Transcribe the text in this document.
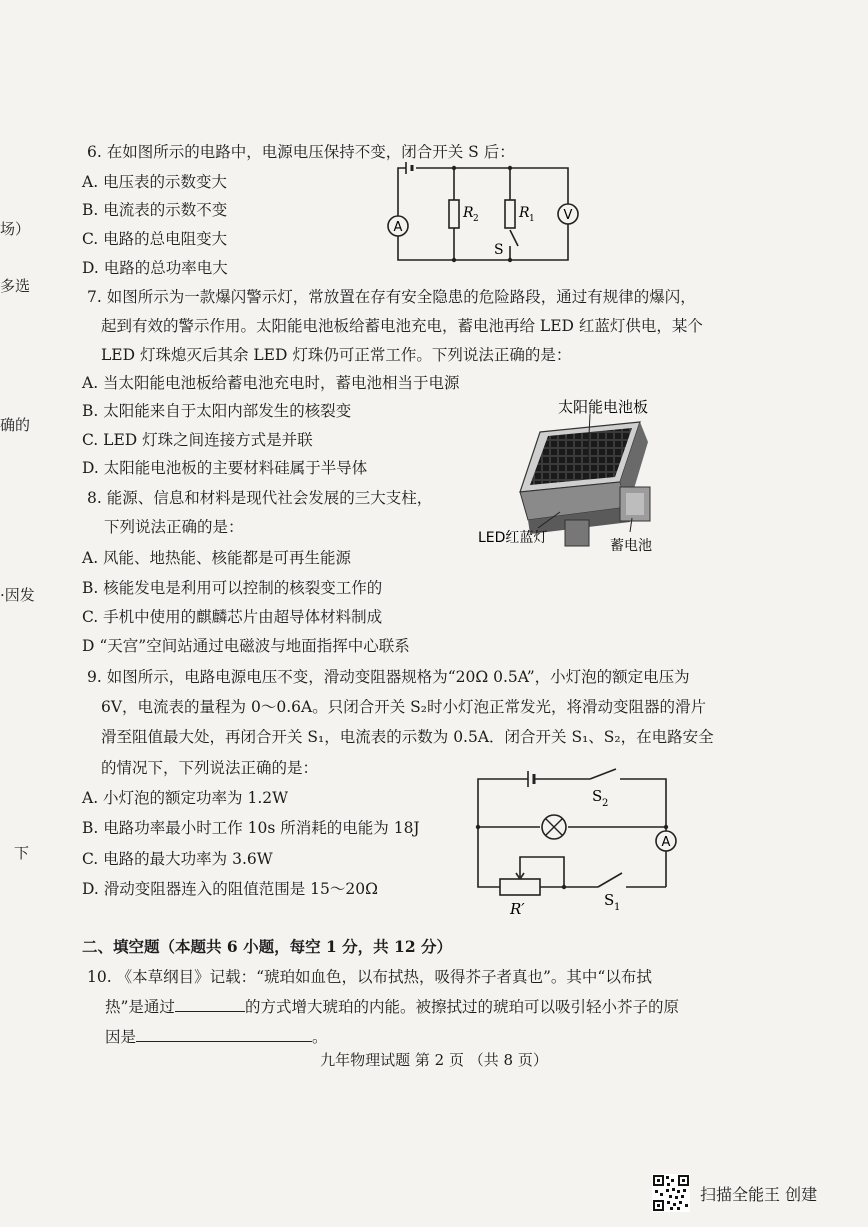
场）
多选
确的
·因发
下
6. 在如图所示的电路中，电源电压保持不变，闭合开关 S 后：
A. 电压表的示数变大
B. 电流表的示数不变
C. 电路的总电阻变大
D. 电路的总功率电大
A
V
R 2	R 1
S
7. 如图所示为一款爆闪警示灯，常放置在存有安全隐患的危险路段，通过有规律的爆闪，
起到有效的警示作用。太阳能电池板给蓄电池充电，蓄电池再给 LED 红蓝灯供电，某个
LED 灯珠熄灭后其余 LED 灯珠仍可正常工作。下列说法正确的是：
A. 当太阳能电池板给蓄电池充电时，蓄电池相当于电源
B. 太阳能来自于太阳内部发生的核裂变
C. LED 灯珠之间连接方式是并联
D. 太阳能电池板的主要材料硅属于半导体
太阳能电池板
LED红蓝灯	蓄电池
8. 能源、信息和材料是现代社会发展的三大支柱，
下列说法正确的是：
A. 风能、地热能、核能都是可再生能源
B. 核能发电是利用可以控制的核裂变工作的
C. 手机中使用的麒麟芯片由超导体材料制成
D “天宫”空间站通过电磁波与地面指挥中心联系
9. 如图所示，电路电源电压不变，滑动变阻器规格为“20Ω 0.5A”，小灯泡的额定电压为
6V，电流表的量程为 0～0.6A。只闭合开关 S₂时小灯泡正常发光，将滑动变阻器的滑片
滑至阻值最大处，再闭合开关 S₁，电流表的示数为 0.5A．闭合开关 S₁、S₂，在电路安全
的情况下，下列说法正确的是：
A. 小灯泡的额定功率为 1.2W
B. 电路功率最小时工作 10s 所消耗的电能为 18J
C. 电路的最大功率为 3.6W
D. 滑动变阻器连入的阻值范围是 15～20Ω
A
S 2
S 1
R′
二、填空题（本题共 6 小题，每空 1 分，共 12 分）
10. 《本草纲目》记载：“琥珀如血色，以布拭热，吸得芥子者真也”。其中“以布拭
热”是通过	的方式增大琥珀的内能。被擦拭过的琥珀可以吸引轻小芥子的原
因是	。
九年物理试题 第 2 页 （共 8 页）
扫描全能王 创建
